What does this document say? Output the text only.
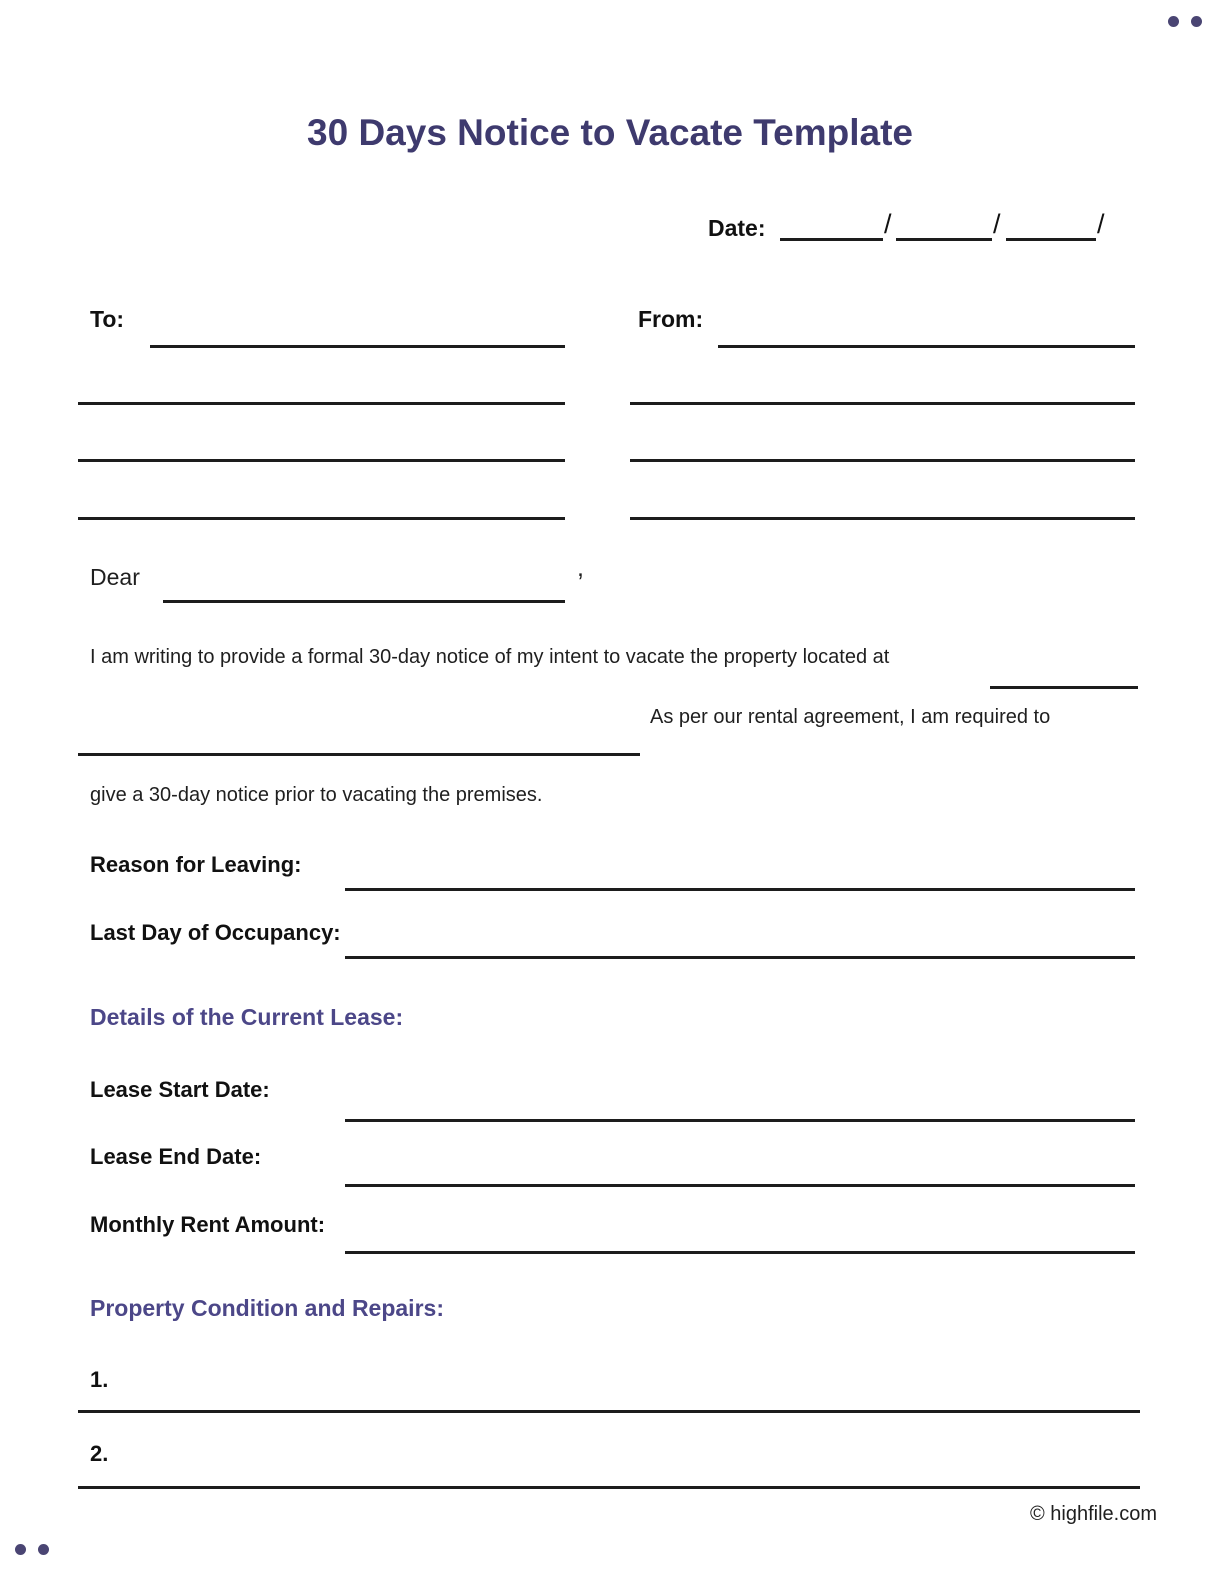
30 Days Notice to Vacate Template
Date:	/	/	/
To:	From:
Dear	,
I am writing to provide a formal 30-day notice of my intent to vacate the property located at
As per our rental agreement, I am required to
give a 30-day notice prior to vacating the premises.
Reason for Leaving:
Last Day of Occupancy:
Details of the Current Lease:
Lease Start Date:
Lease End Date:
Monthly Rent Amount:
Property Condition and Repairs:
1.
2.
© highfile.com
